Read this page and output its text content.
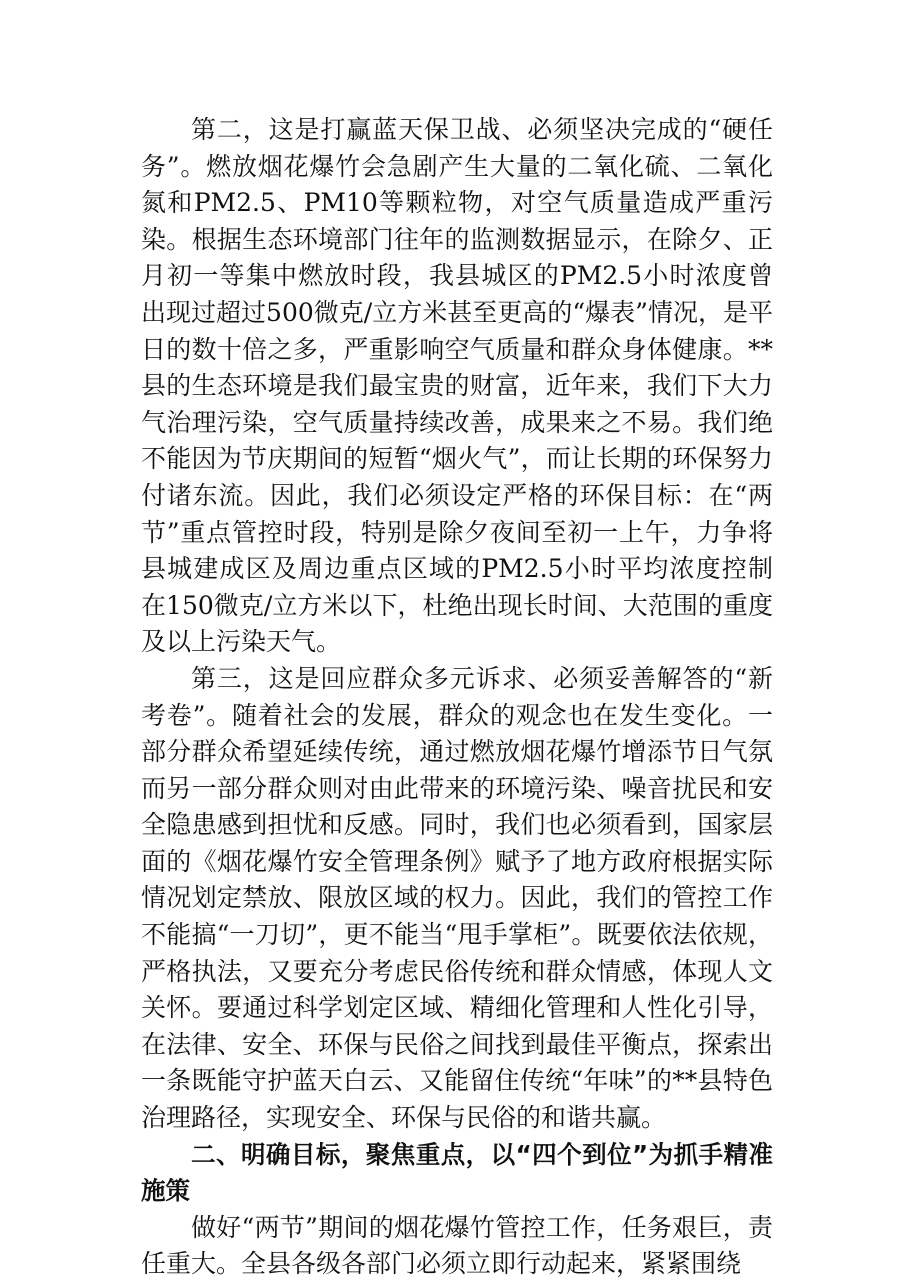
第二，这是打赢蓝天保卫战、必须坚决完成的“硬任务”。燃放烟花爆竹会急剧产生大量的二氧化硫、二氧化氮和PM2.5、PM10等颗粒物，对空气质量造成严重污染。根据生态环境部门往年的监测数据显示，在除夕、正月初一等集中燃放时段，我县城区的PM2.5小时浓度曾出现过超过500微克/立方米甚至更高的“爆表”情况，是平日的数十倍之多，严重影响空气质量和群众身体健康。**县的生态环境是我们最宝贵的财富，近年来，我们下大力气治理污染，空气质量持续改善，成果来之不易。我们绝不能因为节庆期间的短暂“烟火气”，而让长期的环保努力付诸东流。因此，我们必须设定严格的环保目标：在“两节”重点管控时段，特别是除夕夜间至初一上午，力争将县城建成区及周边重点区域的PM2.5小时平均浓度控制在150微克/立方米以下，杜绝出现长时间、大范围的重度及以上污染天气。

第三，这是回应群众多元诉求、必须妥善解答的“新考卷”。随着社会的发展，群众的观念也在发生变化。一部分群众希望延续传统，通过燃放烟花爆竹增添节日气氛而另一部分群众则对由此带来的环境污染、噪音扰民和安全隐患感到担忧和反感。同时，我们也必须看到，国家层面的《烟花爆竹安全管理条例》赋予了地方政府根据实际情况划定禁放、限放区域的权力。因此，我们的管控工作不能搞“一刀切”，更不能当“甩手掌柜”。既要依法依规，严格执法，又要充分考虑民俗传统和群众情感，体现人文关怀。要通过科学划定区域、精细化管理和人性化引导，在法律、安全、环保与民俗之间找到最佳平衡点，探索出一条既能守护蓝天白云、又能留住传统“年味”的**县特色治理路径，实现安全、环保与民俗的和谐共赢。

二、明确目标，聚焦重点，以“四个到位”为抓手精准施策

做好“两节”期间的烟花爆竹管控工作，任务艰巨，责任重大。全县各级各部门必须立即行动起来，紧紧围绕
